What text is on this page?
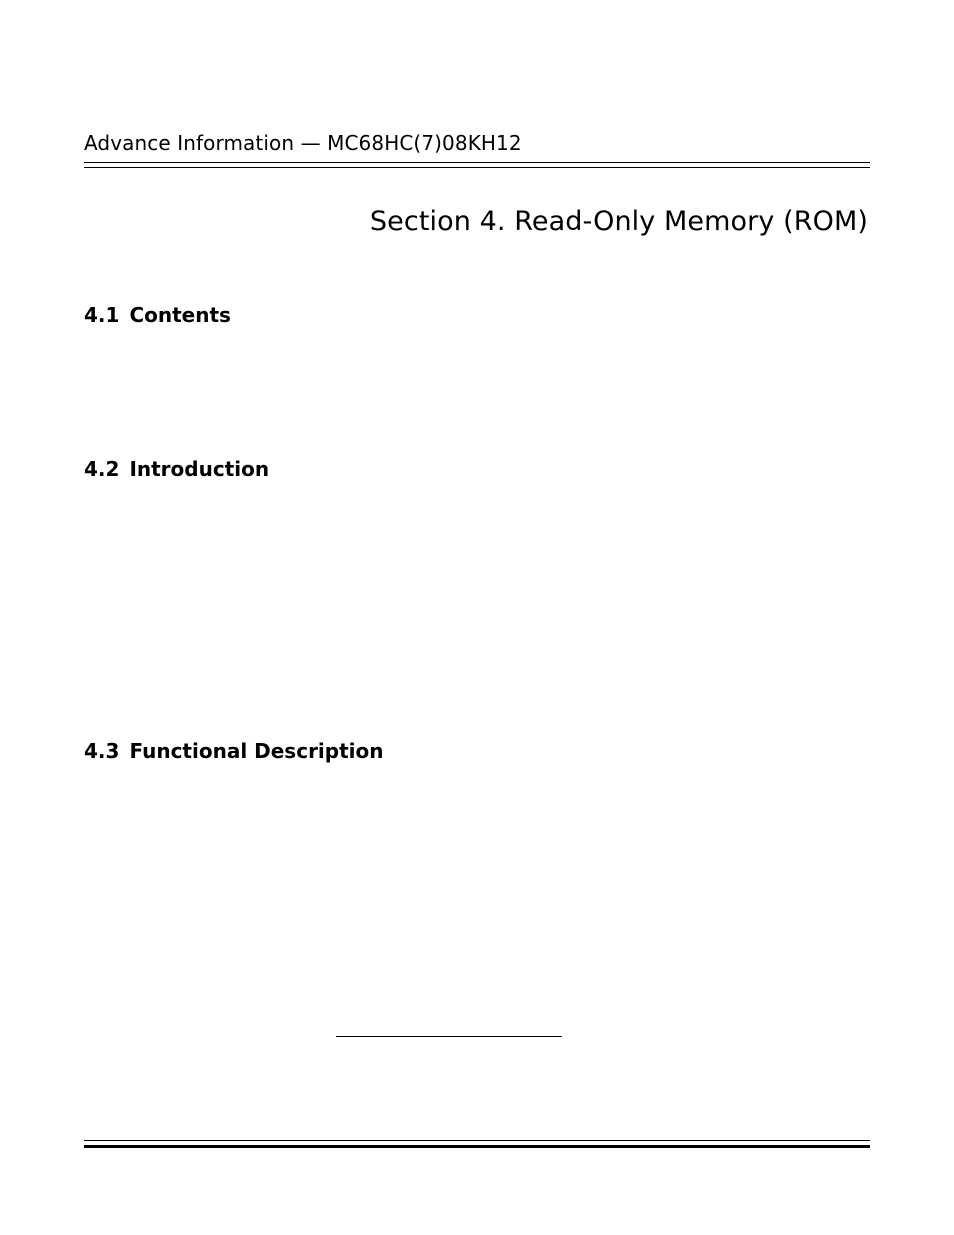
Advance Information — MC68HC(7)08KH12
Section 4. Read-Only Memory (ROM)
4.1 Contents
4.2 Introduction
4.3 Functional Description
